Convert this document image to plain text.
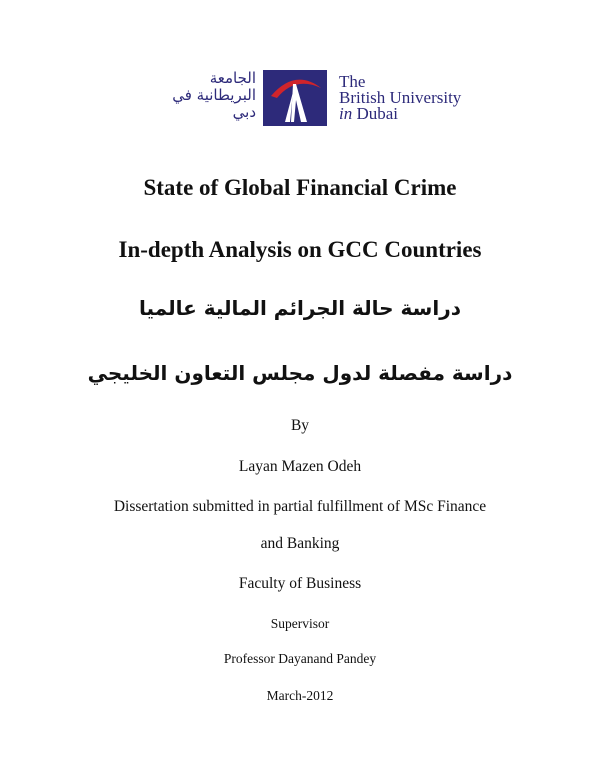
الجامعة
البريطانية في
دبي
The
British University
in Dubai
State of Global Financial Crime
In-depth Analysis on GCC Countries
دراسة حالة الجرائم المالية عالميا
دراسة مفصلة لدول مجلس التعاون الخليجي
By
Layan Mazen Odeh
Dissertation submitted in partial fulfillment of MSc Finance
and Banking
Faculty of Business
Supervisor
Professor Dayanand Pandey
March-2012
